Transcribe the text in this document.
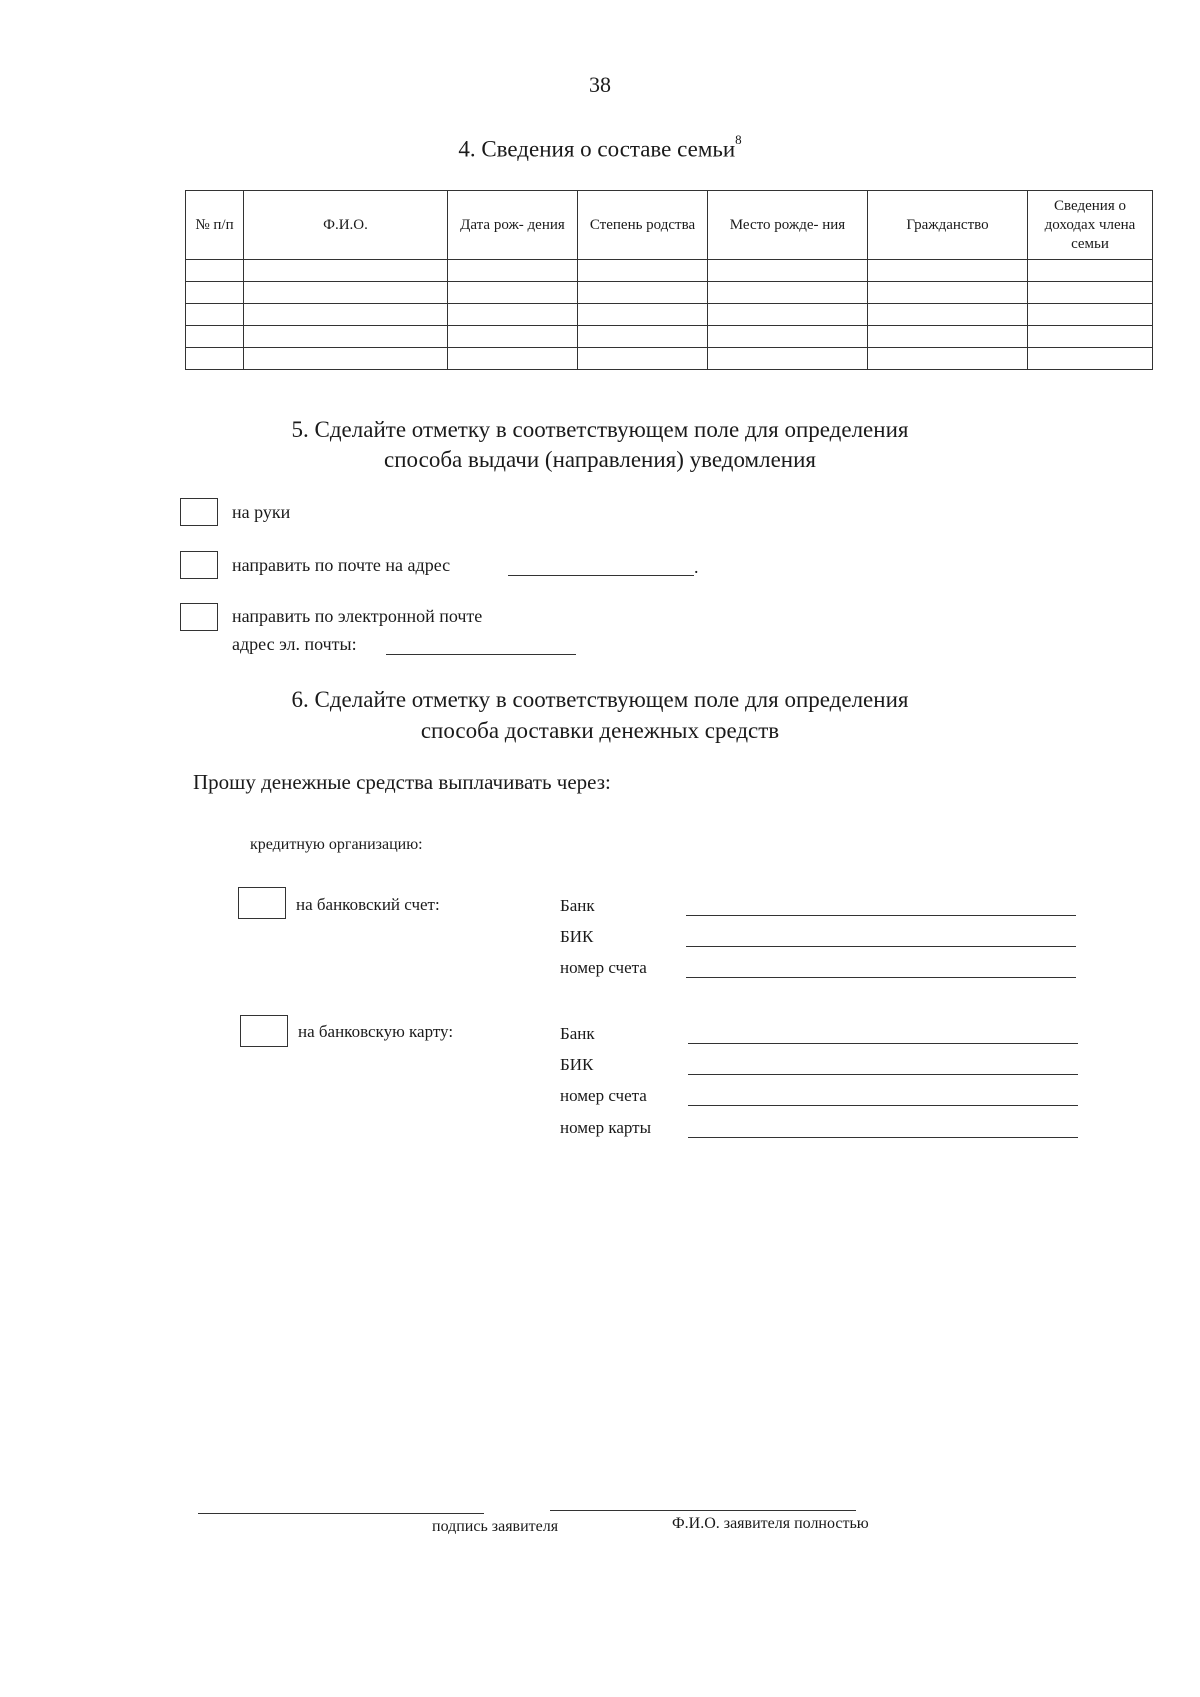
38
4. Сведения о составе семьи$^8$
№ п/п	Ф.И.О.	Дата рож- дения	Степень родства	Место рожде- ния	Гражданство	Сведения о доходах члена семьи

5. Сделайте отметку в соответствующем поле для определения
способа выдачи (направления) уведомления
на руки
направить по почте на адрес	.
направить по электронной почте
адрес эл. почты:
6. Сделайте отметку в соответствующем поле для определения
способа доставки денежных средств
Прошу денежные средства выплачивать через:
кредитную организацию:
на банковский счет:	Банк
БИК
номер счета
на банковскую карту:	Банк
БИК
номер счета
номер карты
подпись заявителя	Ф.И.О. заявителя полностью
